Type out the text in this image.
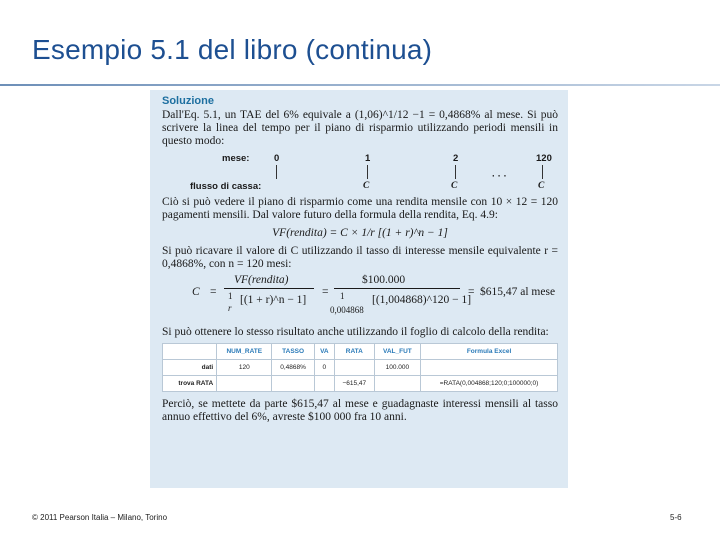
Esempio 5.1 del libro (continua)
Soluzione

Dall'Eq. 5.1, un TAE del 6% equivale a (1,06)^1/12 −1 = 0,4868% al mese. Si può scrivere la linea del tempo per il piano di risparmio utilizzando periodi mensili in questo modo:

mese:
flusso di cassa:
0	1	2	120
C	C	C
· · ·

Ciò si può vedere il piano di risparmio come una rendita mensile con 10 × 12 = 120 pagamenti mensili. Dal valore futuro della formula della rendita, Eq. 4.9:

VF(rendita) = C × 1/r [(1 + r)^n − 1]

Si può ricavare il valore di C utilizzando il tasso di interesse mensile equivalente r = 0,4868%, con n = 120 mesi:

C =
VF(rendita)
1
r
[(1 + r)^n − 1]
=
$100.000
1
0,004868
[(1,004868)^120 − 1]
= $615,47 al mese

Si può ottenere lo stesso risultato anche utilizzando il foglio di calcolo della rendita:

	NUM_RATE	TASSO	VA	RATA	VAL_FUT	Formula Excel
dati	120	0,4868%	0		100.000	
trova RATA				−615,47		=RATA(0,004868;120;0;100000;0)

Perciò, se mettete da parte $615,47 al mese e guadagnaste interessi mensili al tasso annuo effettivo del 6%, avreste $100 000 fra 10 anni.

© 2011 Pearson Italia – Milano, Torino	5-6
